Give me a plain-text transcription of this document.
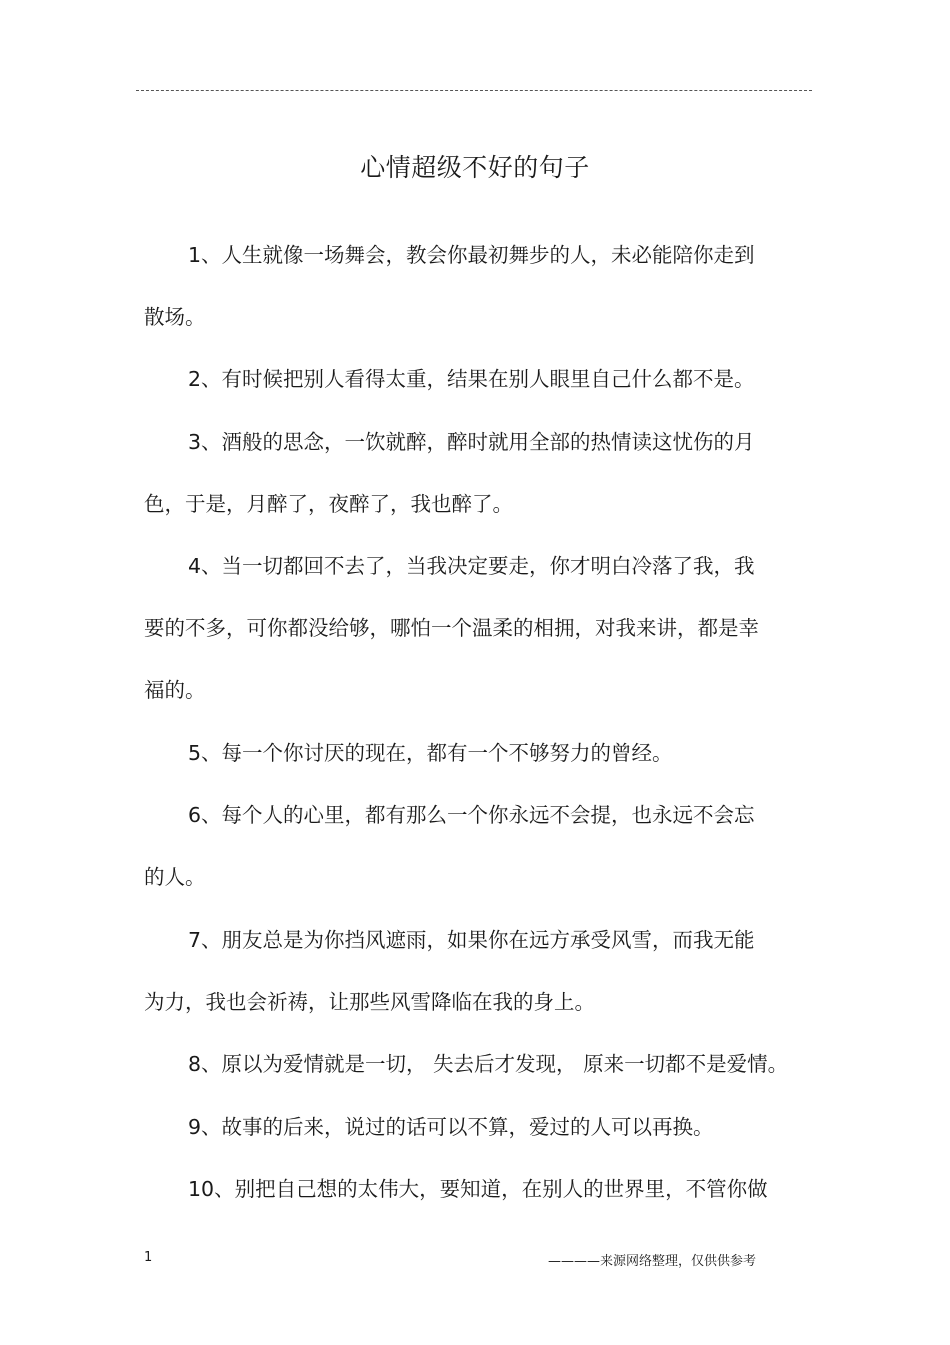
心情超级不好的句子
1、人生就像一场舞会，教会你最初舞步的人，未必能陪你走到
散场。
2、有时候把别人看得太重，结果在别人眼里自己什么都不是。
3、酒般的思念，一饮就醉，醉时就用全部的热情读这忧伤的月
色，于是，月醉了，夜醉了，我也醉了。
4、当一切都回不去了，当我决定要走，你才明白冷落了我，我
要的不多，可你都没给够，哪怕一个温柔的相拥，对我来讲，都是幸
福的。
5、每一个你讨厌的现在，都有一个不够努力的曾经。
6、每个人的心里，都有那么一个你永远不会提，也永远不会忘
的人。
7、朋友总是为你挡风遮雨，如果你在远方承受风雪，而我无能
为力，我也会祈祷，让那些风雪降临在我的身上。
8、原以为爱情就是一切， 失去后才发现， 原来一切都不是爱情。
9、故事的后来，说过的话可以不算，爱过的人可以再换。
10、别把自己想的太伟大，要知道，在别人的世界里，不管你做
1	————来源网络整理，仅供供参考
